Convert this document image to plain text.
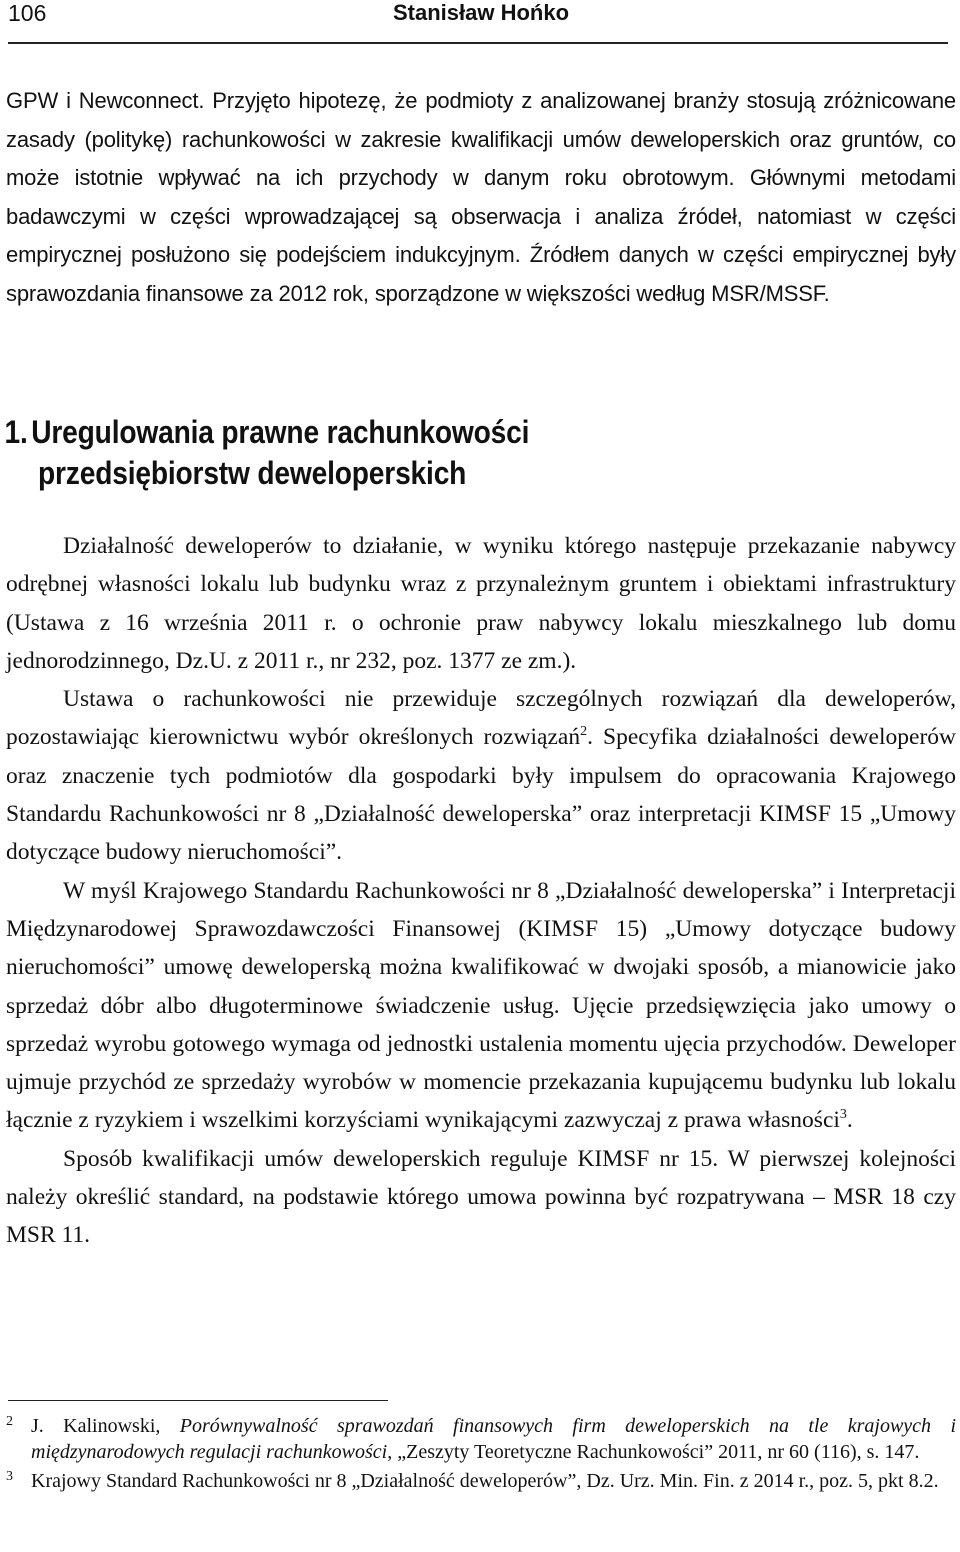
106	Stanisław Hońko

GPW i Newconnect. Przyjęto hipotezę, że podmioty z analizowanej branży stosują zróżnicowane zasady (politykę) rachunkowości w zakresie kwalifikacji umów deweloperskich oraz gruntów, co może istotnie wpływać na ich przychody w danym roku obrotowym. Głównymi metodami badawczymi w części wprowadzającej są obserwacja i analiza źródeł, natomiast w części empirycznej posłużono się podejściem indukcyjnym. Źródłem danych w części empirycznej były sprawozdania finansowe za 2012 rok, sporządzone w większości według MSR/MSSF.

1. Uregulowania prawne rachunkowości
przedsiębiorstw deweloperskich

Działalność deweloperów to działanie, w wyniku którego następuje przekazanie nabywcy odrębnej własności lokalu lub budynku wraz z przynależnym gruntem i obiektami infrastruktury (Ustawa z 16 września 2011 r. o ochronie praw nabywcy lokalu mieszkalnego lub domu jednorodzinnego, Dz.U. z 2011 r., nr 232, poz. 1377 ze zm.).

Ustawa o rachunkowości nie przewiduje szczególnych rozwiązań dla deweloperów, pozostawiając kierownictwu wybór określonych rozwiązań$^2$. Specyfika działalności deweloperów oraz znaczenie tych podmiotów dla gospodarki były impulsem do opracowania Krajowego Standardu Rachunkowości nr 8 „Działalność deweloperska” oraz interpretacji KIMSF 15 „Umowy dotyczące budowy nieruchomości”.

W myśl Krajowego Standardu Rachunkowości nr 8 „Działalność deweloperska” i Interpretacji Międzynarodowej Sprawozdawczości Finansowej (KIMSF 15) „Umowy dotyczące budowy nieruchomości” umowę deweloperską można kwalifikować w dwojaki sposób, a mianowicie jako sprzedaż dóbr albo długoterminowe świadczenie usług. Ujęcie przedsięwzięcia jako umowy o sprzedaż wyrobu gotowego wymaga od jednostki ustalenia momentu ujęcia przychodów. Deweloper ujmuje przychód ze sprzedaży wyrobów w momencie przekazania kupującemu budynku lub lokalu łącznie z ryzykiem i wszelkimi korzyściami wynikającymi zazwyczaj z prawa własności$^3$.

Sposób kwalifikacji umów deweloperskich reguluje KIMSF nr 15. W pierwszej kolejności należy określić standard, na podstawie którego umowa powinna być rozpatrywana – MSR 18 czy MSR 11.

2 J. Kalinowski, Porównywalność sprawozdań finansowych firm deweloperskich na tle krajowych i międzynarodowych regulacji rachunkowości, „Zeszyty Teoretyczne Rachunkowości” 2011, nr 60 (116), s. 147.
3 Krajowy Standard Rachunkowości nr 8 „Działalność deweloperów”, Dz. Urz. Min. Fin. z 2014 r., poz. 5, pkt 8.2.
